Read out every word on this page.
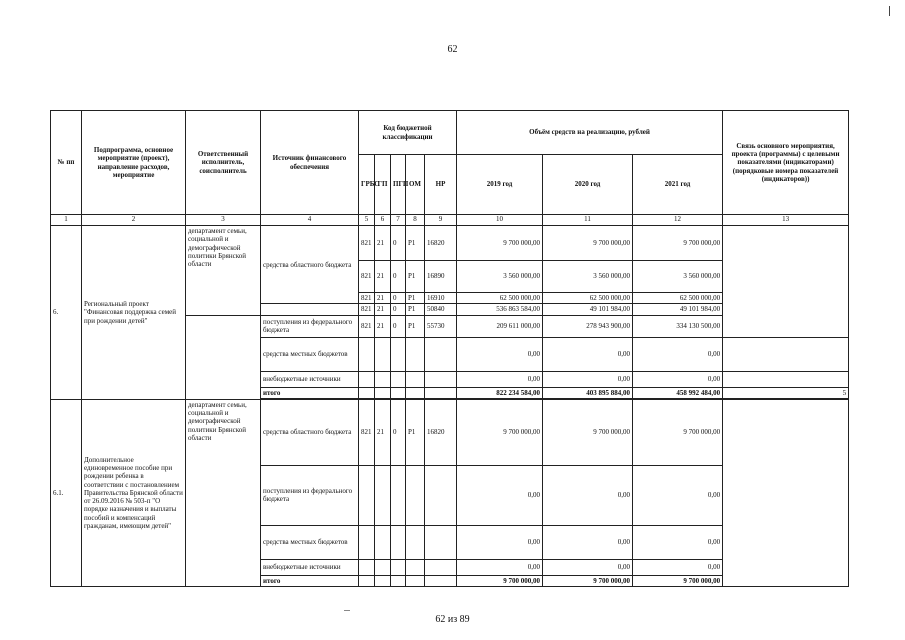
62
№ пп	Подпрограмма, основное мероприятие (проект), направление расходов, мероприятие	Ответственный исполнитель, соисполнитель	Источник финансового обеспечения	Код бюджетной классификации					Объём средств на реализацию, рублей			Связь основного мероприятия, проекта (программы) с целевыми показателями (индикаторами) (порядковые номера показателей (индикаторов))
				ГРБС	ГП	ПГП	ОМ	НР	2019 год	2020 год	2021 год	
1	2	3	4	5	6	7	8	9	10	11	12	13
6.	Региональный проект "Финансовая поддержка семей при рождении детей"	департамент семьи, социальной и демографической политики Брянской области	средства областного бюджета	821	21	0	P1	16820	9 700 000,00	9 700 000,00	9 700 000,00	
				821	21	0	P1	16890	3 560 000,00	3 560 000,00	3 560 000,00	
				821	21	0	P1	16910	62 500 000,00	62 500 000,00	62 500 000,00	
				821	21	0	P1	50840	536 863 584,00	49 101 984,00	49 101 984,00	
			поступления из федерального бюджета	821	21	0	P1	55730	209 611 000,00	278 943 900,00	334 130 500,00	
			средства местных бюджетов						0,00	0,00	0,00	
			внебюджетные источники						0,00	0,00	0,00	
			итого						822 234 584,00	403 895 884,00	458 992 484,00	5

6.1.	Дополнительное единовременное пособие при рождении ребенка в соответствии с постановлением Правительства Брянской области от 26.09.2016 № 503-п "О порядке назначения и выплаты пособий и компенсаций гражданам, имеющим детей"	департамент семьи, социальной и демографической политики Брянской области	средства областного бюджета	821	21	0	P1	16820	9 700 000,00	9 700 000,00	9 700 000,00	
			поступления из федерального бюджета						0,00	0,00	0,00	
			средства местных бюджетов						0,00	0,00	0,00	
			внебюджетные источники						0,00	0,00	0,00	
			итого						9 700 000,00	9 700 000,00	9 700 000,00	
62 из 89
